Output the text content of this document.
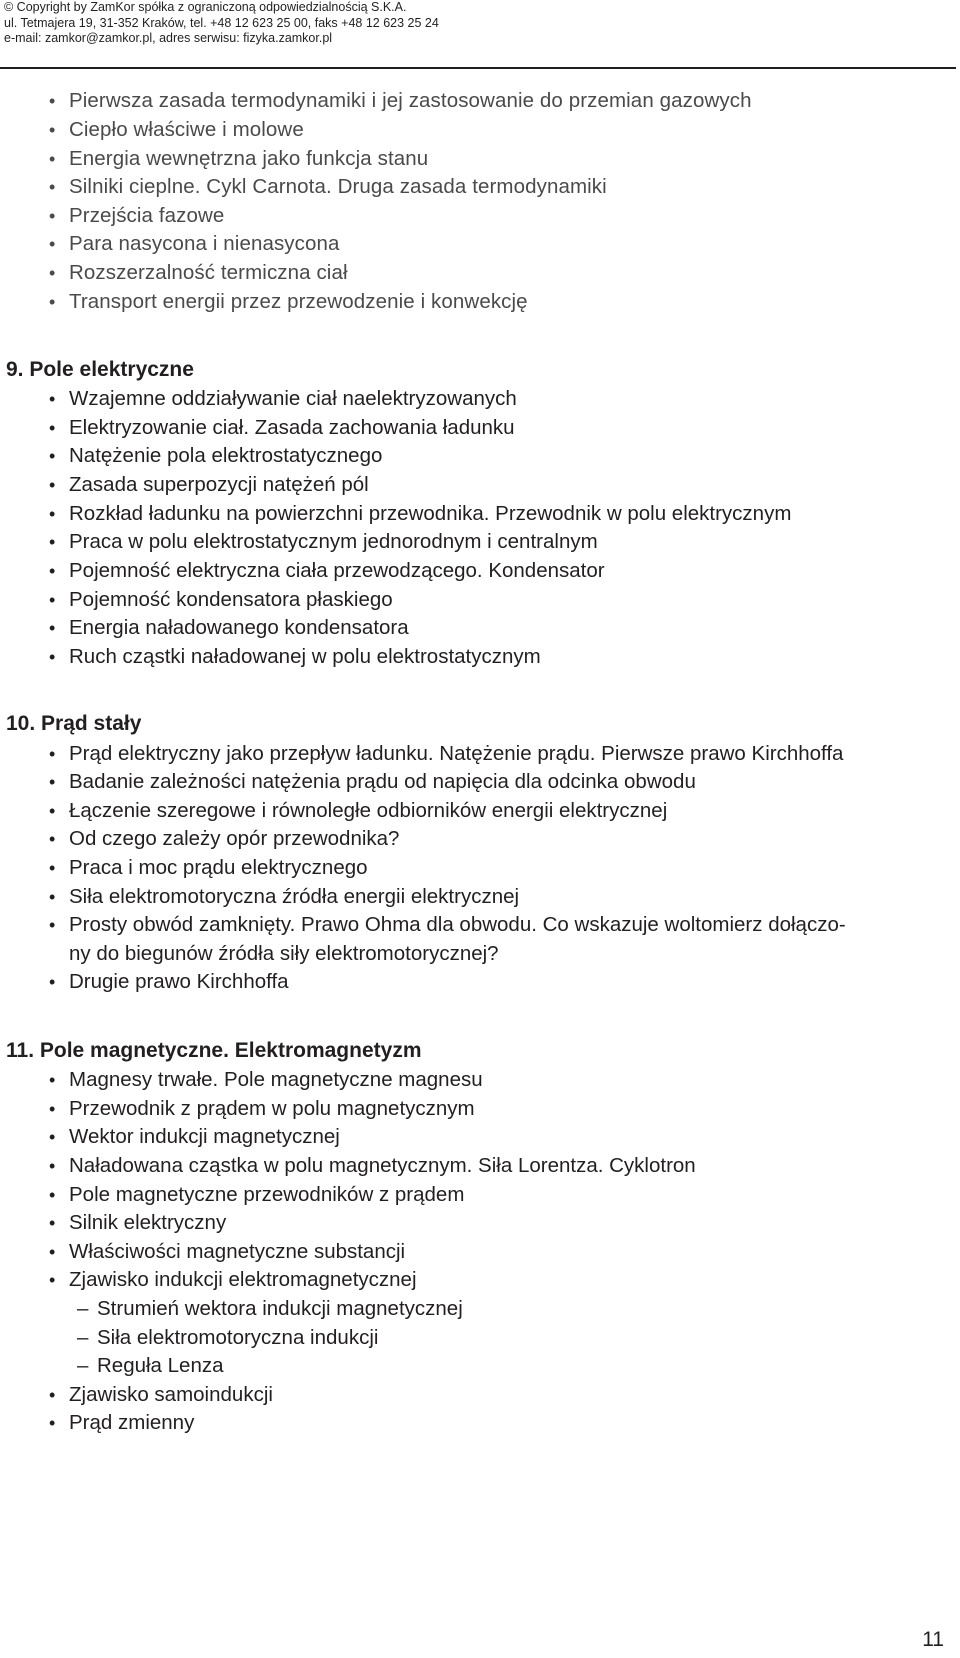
© Copyright by ZamKor spółka z ograniczoną odpowiedzialnością S.K.A.
ul. Tetmajera 19, 31-352 Kraków, tel. +48 12 623 25 00, faks +48 12 623 25 24
e-mail: zamkor@zamkor.pl, adres serwisu: fizyka.zamkor.pl
• Pierwsza zasada termodynamiki i jej zastosowanie do przemian gazowych
• Ciepło właściwe i molowe
• Energia wewnętrzna jako funkcja stanu
• Silniki cieplne. Cykl Carnota. Druga zasada termodynamiki
• Przejścia fazowe
• Para nasycona i nienasycona
• Rozszerzalność termiczna ciał
• Transport energii przez przewodzenie i konwekcję
9. Pole elektryczne
• Wzajemne oddziaływanie ciał naelektryzowanych
• Elektryzowanie ciał. Zasada zachowania ładunku
• Natężenie pola elektrostatycznego
• Zasada superpozycji natężeń pól
• Rozkład ładunku na powierzchni przewodnika. Przewodnik w polu elektrycznym
• Praca w polu elektrostatycznym jednorodnym i centralnym
• Pojemność elektryczna ciała przewodzącego. Kondensator
• Pojemność kondensatora płaskiego
• Energia naładowanego kondensatora
• Ruch cząstki naładowanej w polu elektrostatycznym
10. Prąd stały
• Prąd elektryczny jako przepływ ładunku. Natężenie prądu. Pierwsze prawo Kirchhoffa
• Badanie zależności natężenia prądu od napięcia dla odcinka obwodu
• Łączenie szeregowe i równoległe odbiorników energii elektrycznej
• Od czego zależy opór przewodnika?
• Praca i moc prądu elektrycznego
• Siła elektromotoryczna źródła energii elektrycznej
• Prosty obwód zamknięty. Prawo Ohma dla obwodu. Co wskazuje woltomierz dołączo-
ny do biegunów źródła siły elektromotorycznej?
• Drugie prawo Kirchhoffa
11. Pole magnetyczne. Elektromagnetyzm
• Magnesy trwałe. Pole magnetyczne magnesu
• Przewodnik z prądem w polu magnetycznym
• Wektor indukcji magnetycznej
• Naładowana cząstka w polu magnetycznym. Siła Lorentza. Cyklotron
• Pole magnetyczne przewodników z prądem
• Silnik elektryczny
• Właściwości magnetyczne substancji
• Zjawisko indukcji elektromagnetycznej
– Strumień wektora indukcji magnetycznej
– Siła elektromotoryczna indukcji
– Reguła Lenza
• Zjawisko samoindukcji
• Prąd zmienny
11
